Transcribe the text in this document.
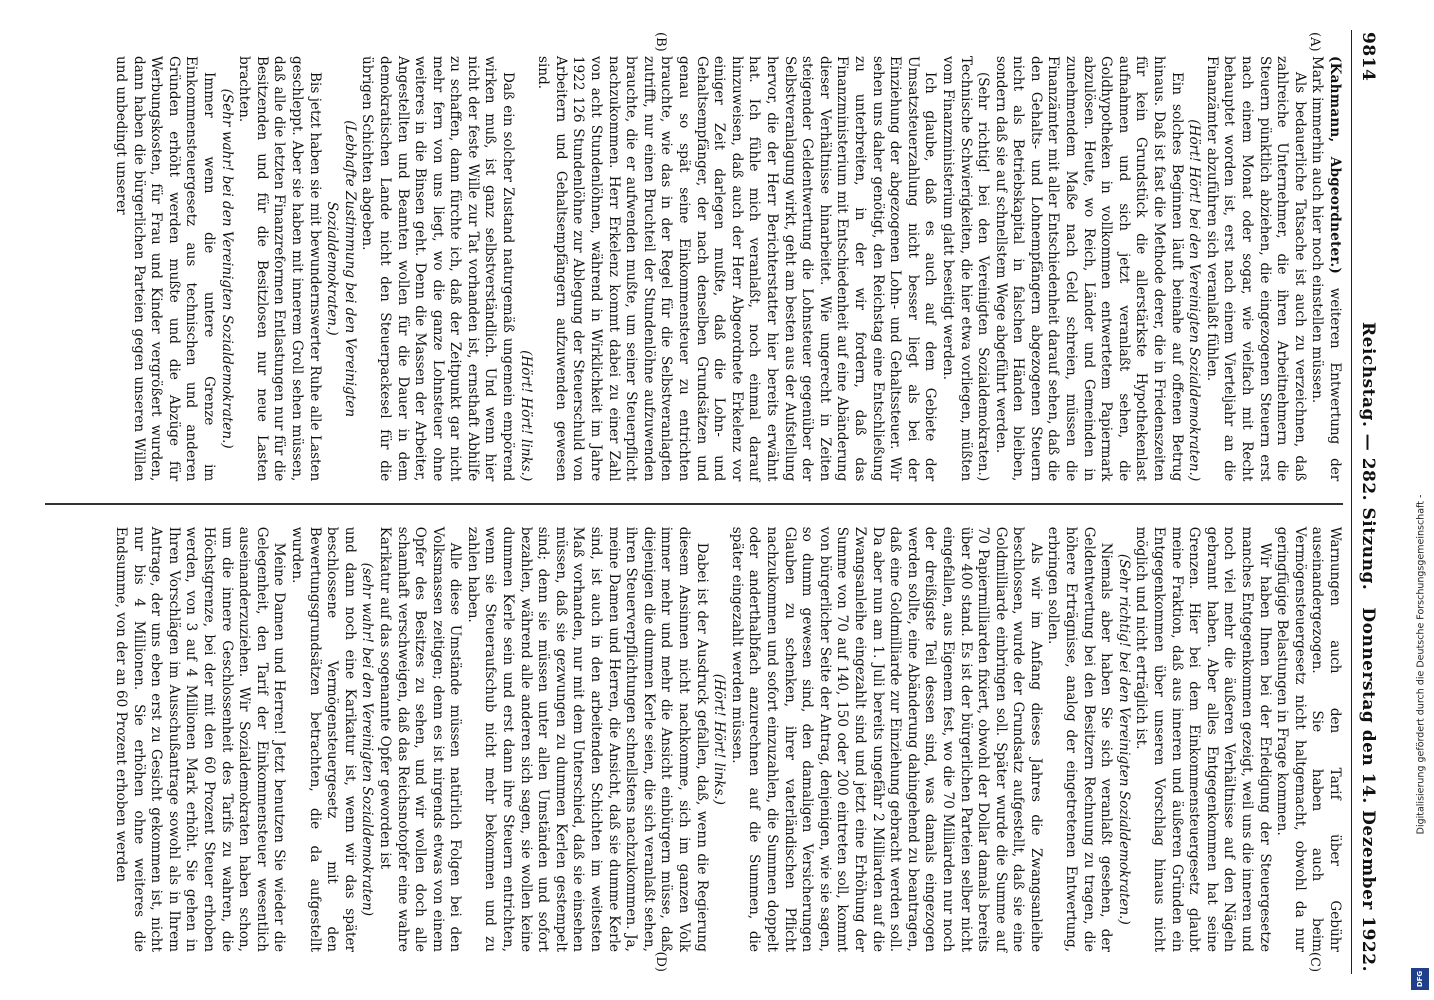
9814
Reichstag. — 282. Sitzung.
Donnerstag den 14. Dezember 1922.
(A)
(B)

(Kahmann, Abgeordneter.) weiteren Entwertung der Mark immerhin auch hier noch einstellen müssen.

Als bedauerliche Tatsache ist auch zu verzeichnen, daß zahlreiche Unternehmer, die ihren Arbeitnehmern die Steuern pünktlich abziehen, die eingezogenen Steuern erst nach einem Monat oder sogar, wie vielfach mit Recht behauptet worden ist, erst nach einem Vierteljahr an die Finanzämter abzuführen sich veranlaßt fühlen.

(Hört! Hört! bei den Vereinigten Sozialdemokraten.)

Ein solches Beginnen läuft beinahe auf offenen Betrug hinaus. Daß ist fast die Methode derer, die in Friedenszeiten für kein Grundstück die allerstärkste Hypothekenlast aufnahmen und sich jetzt veranlaßt sehen, die Goldhypotheken in vollkommen entwertetem Papiermark abzulösen. Heute, wo Reich, Länder und Gemeinden in zunehmendem Maße nach Geld schreien, müssen die Finanzämter mit aller Entschiedenheit darauf sehen, daß die den Gehalts- und Lohnempfängern abgezogenen Steuern nicht als Betriebskapital in falschen Händen bleiben, sondern daß sie auf schnellstem Wege abgeführt werden.

(Sehr richtig! bei den Vereinigten Sozialdemokraten.) Technische Schwierigkeiten, die hier etwa vorliegen, müßten vom Finanzministerium glatt beseitigt werden.

Ich glaube, daß es auch auf dem Gebiete der Umsatzsteuerzahlung nicht besser liegt als bei der Einziehung der abgezogenen Lohn- und Gehaltssteuer. Wir sehen uns daher genötigt, den Reichstag eine Entschließung zu unterbreiten, in der wir fordern, daß das Finanzministerium mit Entschiedenheit auf eine Abänderung dieser Verhältnisse hinarbeitet. Wie ungerecht in Zeiten steigender Geldentwertung die Lohnsteuer gegenüber der Selbstveranlagung wirkt, geht am besten aus der Aufstellung hervor, die der Herr Berichterstatter hier bereits erwähnt hat. Ich fühle mich veranlaßt, noch einmal darauf hinzuweisen, daß auch der Herr Abgeordnete Erkelenz vor einiger Zeit darlegen mußte, daß die Lohn- und Gehaltsempfänger, der nach denselben Grundsätzen und genau so spät seine Einkommensteuer zu entrichten brauchte, wie das in der Regel für die Selbstveranlagten zutrifft, nur einen Bruchteil der Stundenlöhne aufzuwenden brauchte, die er aufwenden mußte, um seiner Steuerpflicht nachzukommen. Herr Erkelenz kommt dabei zu einer Zahl von acht Stundenlöhnen, während in Wirklichkeit im Jahre 1922 126 Stundenlöhne zur Ablegung der Steuerschuld von Arbeitern und Gehaltsempfängern aufzuwenden gewesen sind.

(Hört! Hört! links.)

Daß ein solcher Zustand naturgemäß ungemein empörend wirken muß, ist ganz selbstverständlich. Und wenn hier nicht der feste Wille zur Tat vorhanden ist, ernsthaft Abhilfe zu schaffen, dann fürchte ich, daß der Zeitpunkt gar nicht mehr fern von uns liegt, wo die ganze Lohnsteuer ohne weiteres in die Binsen geht. Denn die Massen der Arbeiter, Angestellten und Beamten wollen für die Dauer in dem demokratischen Lande nicht den Steuerpackesel für die übrigen Schichten abgeben.

(Lebhafte Zustimmung bei den Vereinigten Sozialdemokraten.)

Bis jetzt haben sie mit bewundernswerter Ruhe alle Lasten geschleppt. Aber sie haben mit innerem Groll sehen müssen, daß alle die letzten Finanzreformen Entlastungen nur für die Besitzenden und für die Besitzlosen nur neue Lasten brachten.

(Sehr wahr! bei den Vereinigten Sozialdemokraten.)

Immer wenn die untere Grenze im Einkommensteuergesetz aus technischen und anderen Gründen erhöht werden mußte und die Abzüge für Werbungskosten, für Frau und Kinder vergrößert wurden, dann haben die bürgerlichen Parteien gegen unseren Willen und unbedingt unserer

(C)
(D)

Warnungen auch den Tarif über Gebühr auseinandergezogen. Sie haben auch beim Vermögensteuergesetz nicht haltgemacht, obwohl da nur geringfügige Belastungen in Frage kommen.

Wir haben Ihnen bei der Erledigung der Steuergesetze manches Entgegenkommen gezeigt, weil uns die inneren und noch viel mehr die äußeren Verhältnisse auf den Nägeln gebrannt haben. Aber alles Entgegenkommen hat seine Grenzen. Hier bei dem Einkommensteuergesetz glaubt meine Fraktion, daß aus inneren und äußeren Gründen ein Entgegenkommen über unseren Vorschlag hinaus nicht möglich und nicht erträglich ist.

(Sehr richtig! bei den Vereinigten Sozialdemokraten.)

Niemals aber haben Sie sich veranlaßt gesehen, der Geldentwertung bei den Besitzern Rechnung zu tragen, die höhere Erträgnisse, analog der eingetretenen Entwertung, erbringen sollen.

Als wir im Anfang dieses Jahres die Zwangsanleihe beschlossen, wurde der Grundsatz aufgestellt, daß sie eine Goldmilliarde einbringen soll. Später wurde die Summe auf 70 Papiermilliarden fixiert, obwohl der Dollar damals bereits über 400 stand. Es ist der bürgerlichen Parteien selber nicht eingefallen, aus Eigenem fest, wo die 70 Milliarden nur noch der dreißigste Teil dessen sind, was damals eingezogen werden sollte, eine Abänderung dahingehend zu beantragen, daß eine Goldmilliarde zur Einziehung gebracht werden soll. Da aber nun am 1. Juli bereits ungefähr 2 Milliarden auf die Zwangsanleihe eingezahlt sind und jetzt eine Erhöhung der Summe von 70 auf 140, 150 oder 200 eintreten soll, kommt von bürgerlicher Seite der Antrag, denjenigen, wie sie sagen, so dumm gewesen sind, den damaligen Versicherungen Glauben zu schenken, ihrer vaterländischen Pflicht nachzukommen und sofort einzuzahlen, die Summen doppelt oder anderthalbfach anzurechnen auf die Summen, die später eingezahlt werden müssen.

(Hört! Hört! links.)

Dabei ist der Ausdruck gefallen, daß, wenn die Regierung diesem Ansinnen nicht nachkomme, sich im ganzen Volk immer mehr und mehr die Ansicht einbürgern müsse, daß diejenigen die dummen Kerle seien, die sich veranlaßt sehen, ihren Steuerverpflichtungen schnellstens nachzukommen. Ja, meine Damen und Herren, die Ansicht, daß sie dumme Kerle sind, ist auch in den arbeitenden Schichten im weitesten Maß vorhanden, nur mit dem Unterschied, daß sie einsehen müssen, daß sie gezwungen zu dummen Kerlen gestempelt sind; denn sie müssen unter allen Umständen und sofort bezahlen, während alle anderen sich sagen, sie wollen keine dummen Kerle sein und erst dann ihre Steuern entrichten, wenn sie Steueraufschub nicht mehr bekommen und zu zahlen haben.

Alle diese Umstände müssen natürlich Folgen bei den Volksmassen zeitigen; denn es ist nirgends etwas von einem Opfer des Besitzes zu sehen, und wir wollen doch alle schamhaft verschweigen, daß das Reichsnotopfer eine wahre Karikatur auf das sogenannte Opfer geworden ist

(sehr wahr! bei den Vereinigten Sozialdemokraten)

und dann noch eine Karikatur ist, wenn wir das später beschlossene Vermögensteuergesetz mit den Bewertungsgrundsätzen betrachten, die da aufgestellt wurden.

Meine Damen und Herren! Jetzt benutzen Sie wieder die Gelegenheit, den Tarif der Einkommensteuer wesentlich auseinanderzuziehen. Wir Sozialdemokraten haben schon, um die innere Geschlossenheit des Tarifs zu wahren, die Höchstgrenze, bei der mit den 60 Prozent Steuer erhoben werden, von 3 auf 4 Millionen Mark erhöht. Sie gehen in Ihren Vorschlägen im Ausschußantrage sowohl als in Ihrem Antrage, der uns eben erst zu Gesicht gekommen ist, nicht nur bis 4 Millionen. Sie erhöhen ohne weiteres die Endsumme, von der an 60 Prozent erhoben werden	Digitalisierung gefördert durch die Deutsche Forschungsgemeinschaft -
DFG
